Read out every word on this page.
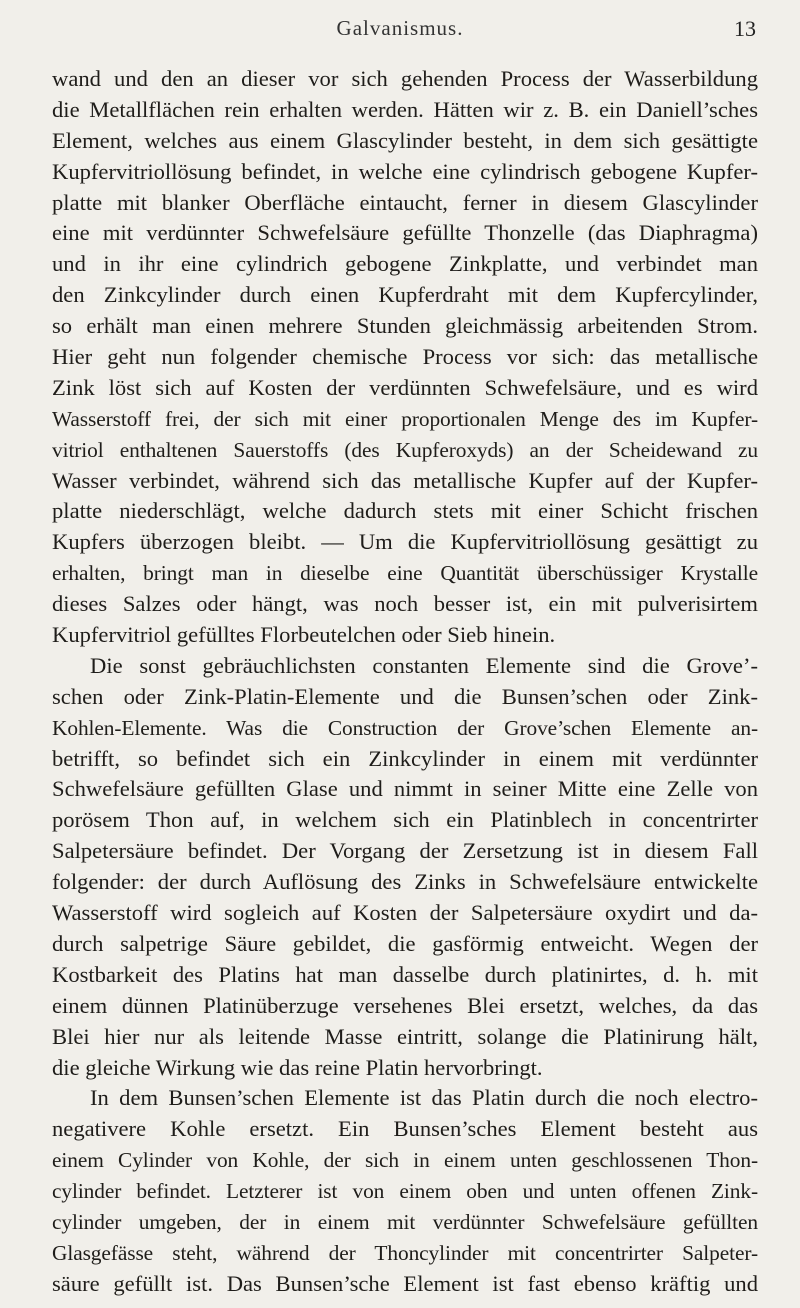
Galvanismus.	13
wand und den an dieser vor sich gehenden Process der Wasserbildung
die Metallflächen rein erhalten werden. Hätten wir z. B. ein Daniell’sches
Element, welches aus einem Glascylinder besteht, in dem sich gesättigte
Kupfervitriollösung befindet, in welche eine cylindrisch gebogene Kupfer-
platte mit blanker Oberfläche eintaucht, ferner in diesem Glascylinder
eine mit verdünnter Schwefelsäure gefüllte Thonzelle (das Diaphragma)
und in ihr eine cylindrich gebogene Zinkplatte, und verbindet man
den Zinkcylinder durch einen Kupferdraht mit dem Kupfercylinder,
so erhält man einen mehrere Stunden gleichmässig arbeitenden Strom.
Hier geht nun folgender chemische Process vor sich: das metallische
Zink löst sich auf Kosten der verdünnten Schwefelsäure, und es wird
Wasserstoff frei, der sich mit einer proportionalen Menge des im Kupfer-
vitriol enthaltenen Sauerstoffs (des Kupferoxyds) an der Scheidewand zu
Wasser verbindet, während sich das metallische Kupfer auf der Kupfer-
platte niederschlägt, welche dadurch stets mit einer Schicht frischen
Kupfers überzogen bleibt. — Um die Kupfervitriollösung gesättigt zu
erhalten, bringt man in dieselbe eine Quantität überschüssiger Krystalle
dieses Salzes oder hängt, was noch besser ist, ein mit pulverisirtem
Kupfervitriol gefülltes Florbeutelchen oder Sieb hinein.
Die sonst gebräuchlichsten constanten Elemente sind die Grove’-
schen oder Zink-Platin-Elemente und die Bunsen’schen oder Zink-
Kohlen-Elemente. Was die Construction der Grove’schen Elemente an-
betrifft, so befindet sich ein Zinkcylinder in einem mit verdünnter
Schwefelsäure gefüllten Glase und nimmt in seiner Mitte eine Zelle von
porösem Thon auf, in welchem sich ein Platinblech in concentrirter
Salpetersäure befindet. Der Vorgang der Zersetzung ist in diesem Fall
folgender: der durch Auflösung des Zinks in Schwefelsäure entwickelte
Wasserstoff wird sogleich auf Kosten der Salpetersäure oxydirt und da-
durch salpetrige Säure gebildet, die gasförmig entweicht. Wegen der
Kostbarkeit des Platins hat man dasselbe durch platinirtes, d. h. mit
einem dünnen Platinüberzuge versehenes Blei ersetzt, welches, da das
Blei hier nur als leitende Masse eintritt, solange die Platinirung hält,
die gleiche Wirkung wie das reine Platin hervorbringt.
In dem Bunsen’schen Elemente ist das Platin durch die noch electro-
negativere Kohle ersetzt. Ein Bunsen’sches Element besteht aus
einem Cylinder von Kohle, der sich in einem unten geschlossenen Thon-
cylinder befindet. Letzterer ist von einem oben und unten offenen Zink-
cylinder umgeben, der in einem mit verdünnter Schwefelsäure gefüllten
Glasgefässe steht, während der Thoncylinder mit concentrirter Salpeter-
säure gefüllt ist. Das Bunsen’sche Element ist fast ebenso kräftig und
